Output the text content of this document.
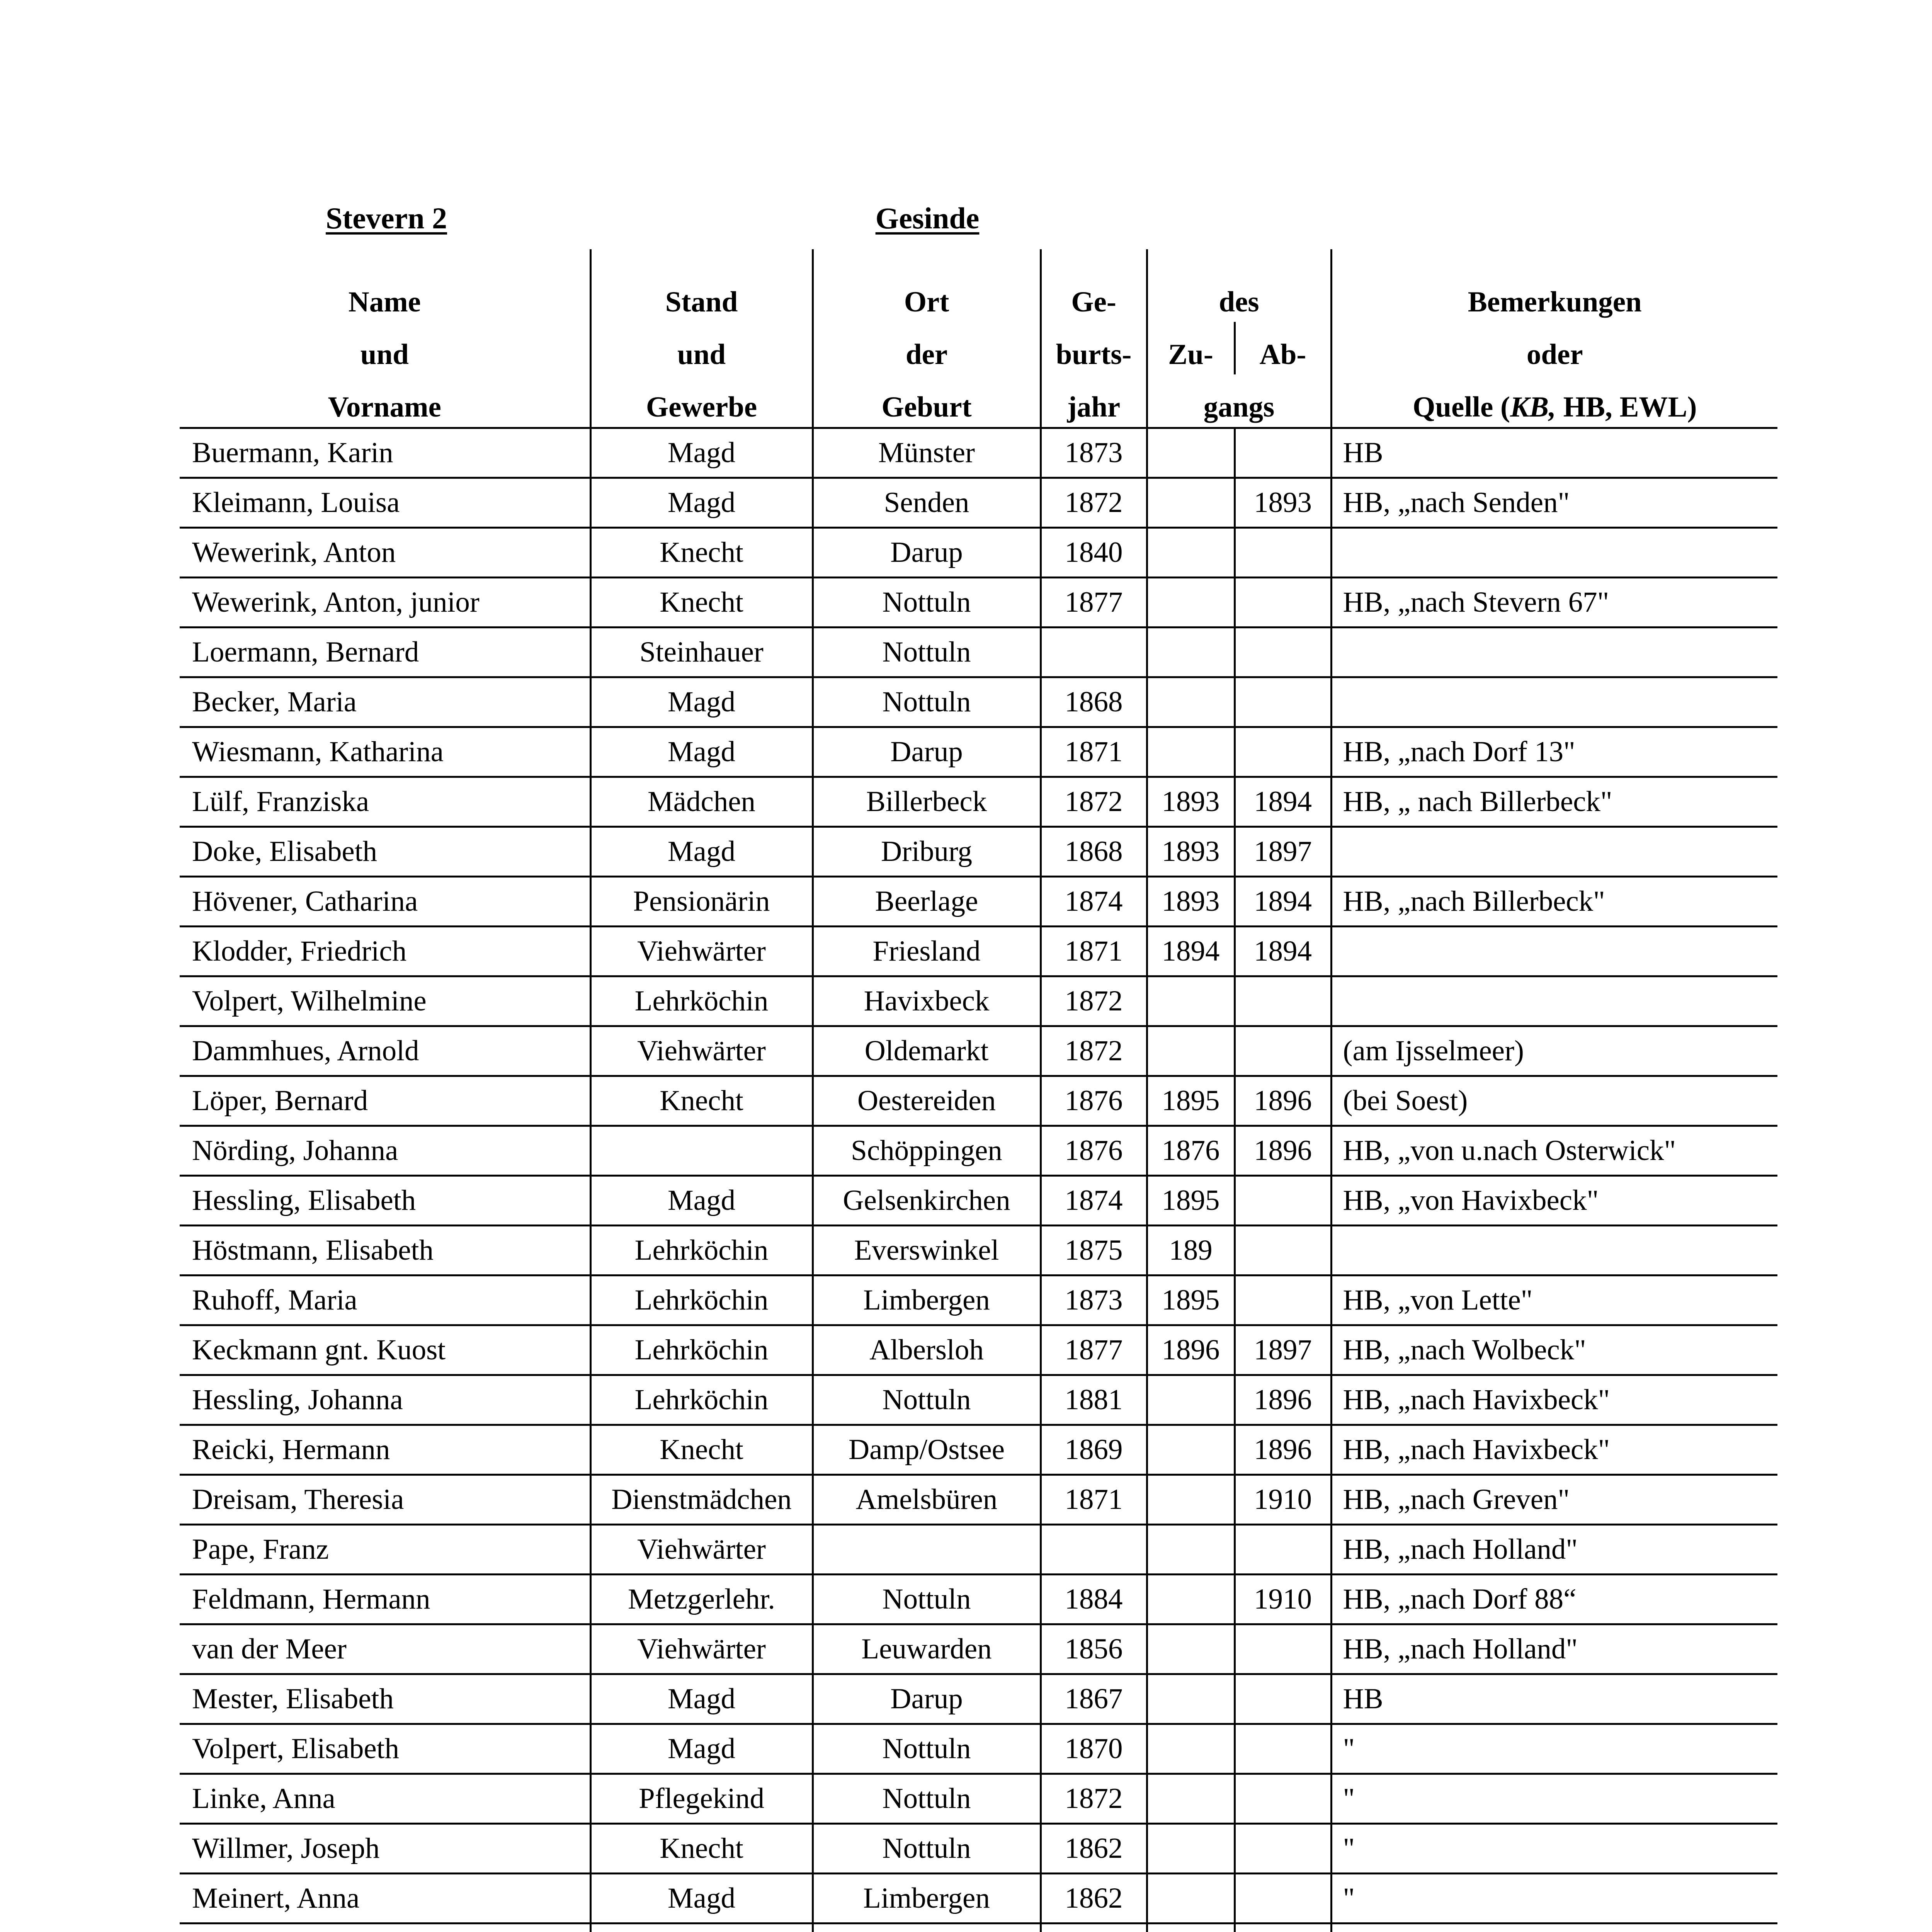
Stevern 2	Gesinde
Name	Stand	Ort	Ge-	des		Bemerkungen
und	und	der	burts-	Zu-	Ab-	oder
Vorname	Gewerbe	Geburt	jahr	gangs		Quelle (KB, HB, EWL)
Buermann, Karin	Magd	Münster	1873			HB
Kleimann, Louisa	Magd	Senden	1872		1893	HB, „nach Senden"
Wewerink, Anton	Knecht	Darup	1840			
Wewerink, Anton, junior	Knecht	Nottuln	1877			HB, „nach Stevern 67"
Loermann, Bernard	Steinhauer	Nottuln				
Becker, Maria	Magd	Nottuln	1868			
Wiesmann, Katharina	Magd	Darup	1871			HB, „nach Dorf 13"
Lülf, Franziska	Mädchen	Billerbeck	1872	1893	1894	HB, „ nach Billerbeck"
Doke, Elisabeth	Magd	Driburg	1868	1893	1897	
Hövener, Catharina	Pensionärin	Beerlage	1874	1893	1894	HB, „nach Billerbeck"
Klodder, Friedrich	Viehwärter	Friesland	1871	1894	1894	
Volpert, Wilhelmine	Lehrköchin	Havixbeck	1872			
Dammhues, Arnold	Viehwärter	Oldemarkt	1872			(am Ijsselmeer)
Löper, Bernard	Knecht	Oestereiden	1876	1895	1896	(bei Soest)
Nörding, Johanna		Schöppingen	1876	1876	1896	HB, „von u.nach Osterwick"
Hessling, Elisabeth	Magd	Gelsenkirchen	1874	1895		HB, „von Havixbeck"
Höstmann, Elisabeth	Lehrköchin	Everswinkel	1875	189		
Ruhoff, Maria	Lehrköchin	Limbergen	1873	1895		HB, „von Lette"
Keckmann gnt. Kuost	Lehrköchin	Albersloh	1877	1896	1897	HB, „nach Wolbeck"
Hessling, Johanna	Lehrköchin	Nottuln	1881		1896	HB, „nach Havixbeck"
Reicki, Hermann	Knecht	Damp/Ostsee	1869		1896	HB, „nach Havixbeck"
Dreisam, Theresia	Dienstmädchen	Amelsbüren	1871		1910	HB, „nach Greven"
Pape, Franz	Viehwärter					HB, „nach Holland"
Feldmann, Hermann	Metzgerlehr.	Nottuln	1884		1910	HB, „nach Dorf 88“
van der Meer	Viehwärter	Leuwarden	1856			HB, „nach Holland"
Mester, Elisabeth	Magd	Darup	1867			HB
Volpert, Elisabeth	Magd	Nottuln	1870			"
Linke, Anna	Pflegekind	Nottuln	1872			"
Willmer, Joseph	Knecht	Nottuln	1862			"
Meinert, Anna	Magd	Limbergen	1862			"
